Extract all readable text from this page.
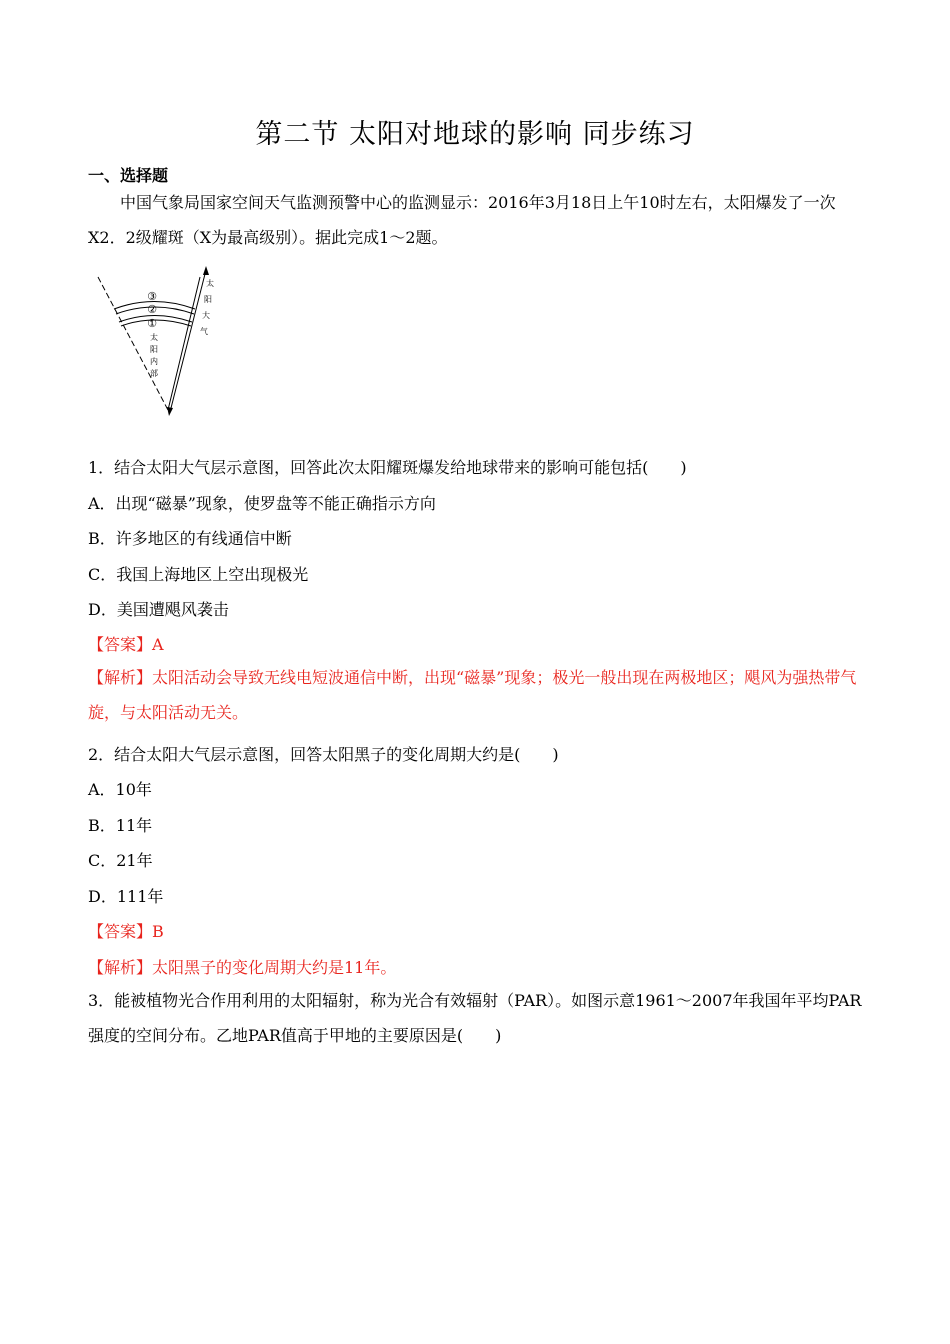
第二节 太阳对地球的影响 同步练习
一、选择题
中国气象局国家空间天气监测预警中心的监测显示：2016年3月18日上午10时左右，太阳爆发了一次X2．2级耀斑（X为最高级别）。据此完成1～2题。
③
②
①
太
阳
内
部
太
阳
大
气
1．结合太阳大气层示意图，回答此次太阳耀斑爆发给地球带来的影响可能包括(　　)
A．出现“磁暴”现象，使罗盘等不能正确指示方向
B．许多地区的有线通信中断
C．我国上海地区上空出现极光
D．美国遭飓风袭击
【答案】A
【解析】太阳活动会导致无线电短波通信中断，出现“磁暴”现象；极光一般出现在两极地区；飓风为强热带气旋，与太阳活动无关。
2．结合太阳大气层示意图，回答太阳黑子的变化周期大约是(　　)
A．10年
B．11年
C．21年
D．111年
【答案】B
【解析】太阳黑子的变化周期大约是11年。
3．能被植物光合作用利用的太阳辐射，称为光合有效辐射（PAR）。如图示意1961～2007年我国年平均PAR强度的空间分布。乙地PAR值高于甲地的主要原因是(　　)
